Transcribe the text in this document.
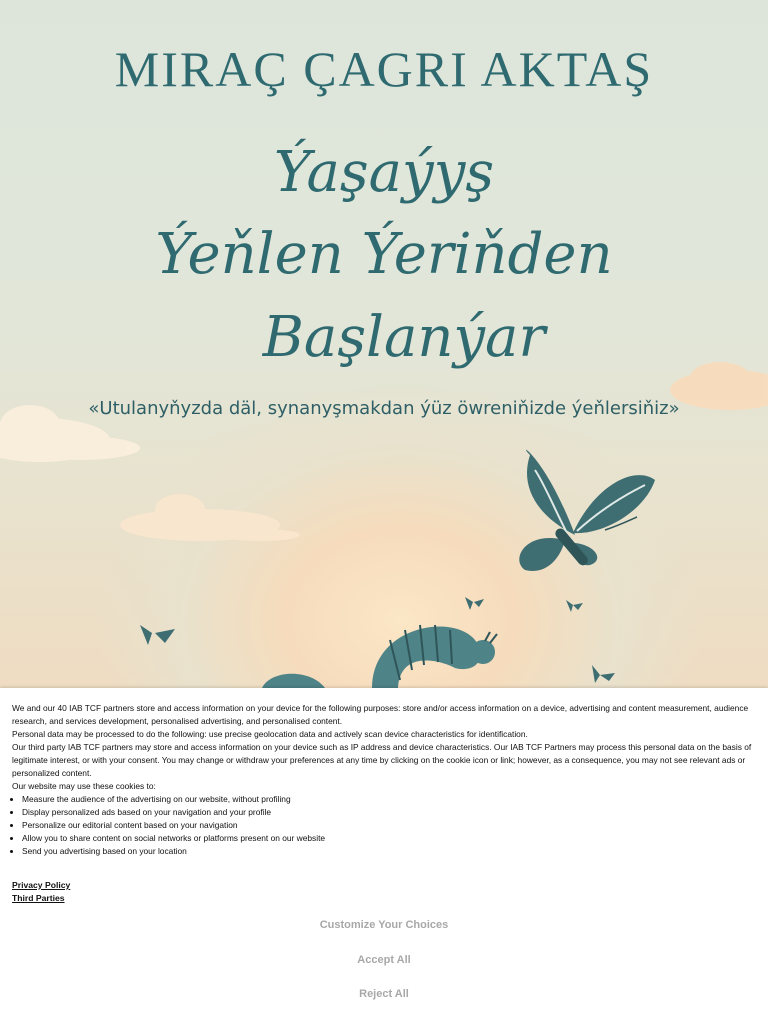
MIRAÇ ÇAGRI AKTAŞ
Ýaşaýyş
Ýeňlen Ýeriňden
Başlanýar
«Utulanyňyzda däl, synanyşmakdan ýüz öwreniňizde ýeňlersiňiz»

We and our 40 IAB TCF partners store and access information on your device for the following purposes: store and/or access information on a device, advertising and content measurement, audience research, and services development, personalised advertising, and personalised content.

Personal data may be processed to do the following: use precise geolocation data and actively scan device characteristics for identification.

Our third party IAB TCF partners may store and access information on your device such as IP address and device characteristics. Our IAB TCF Partners may process this personal data on the basis of legitimate interest, or with your consent. You may change or withdraw your preferences at any time by clicking on the cookie icon or link; however, as a consequence, you may not see relevant ads or personalized content.

Our website may use these cookies to:

• Measure the audience of the advertising on our website, without profiling
• Display personalized ads based on your navigation and your profile
• Personalize our editorial content based on your navigation
• Allow you to share content on social networks or platforms present on our website
• Send you advertising based on your location
Privacy Policy
Third Parties
Customize Your Choices
Accept All
Reject All
